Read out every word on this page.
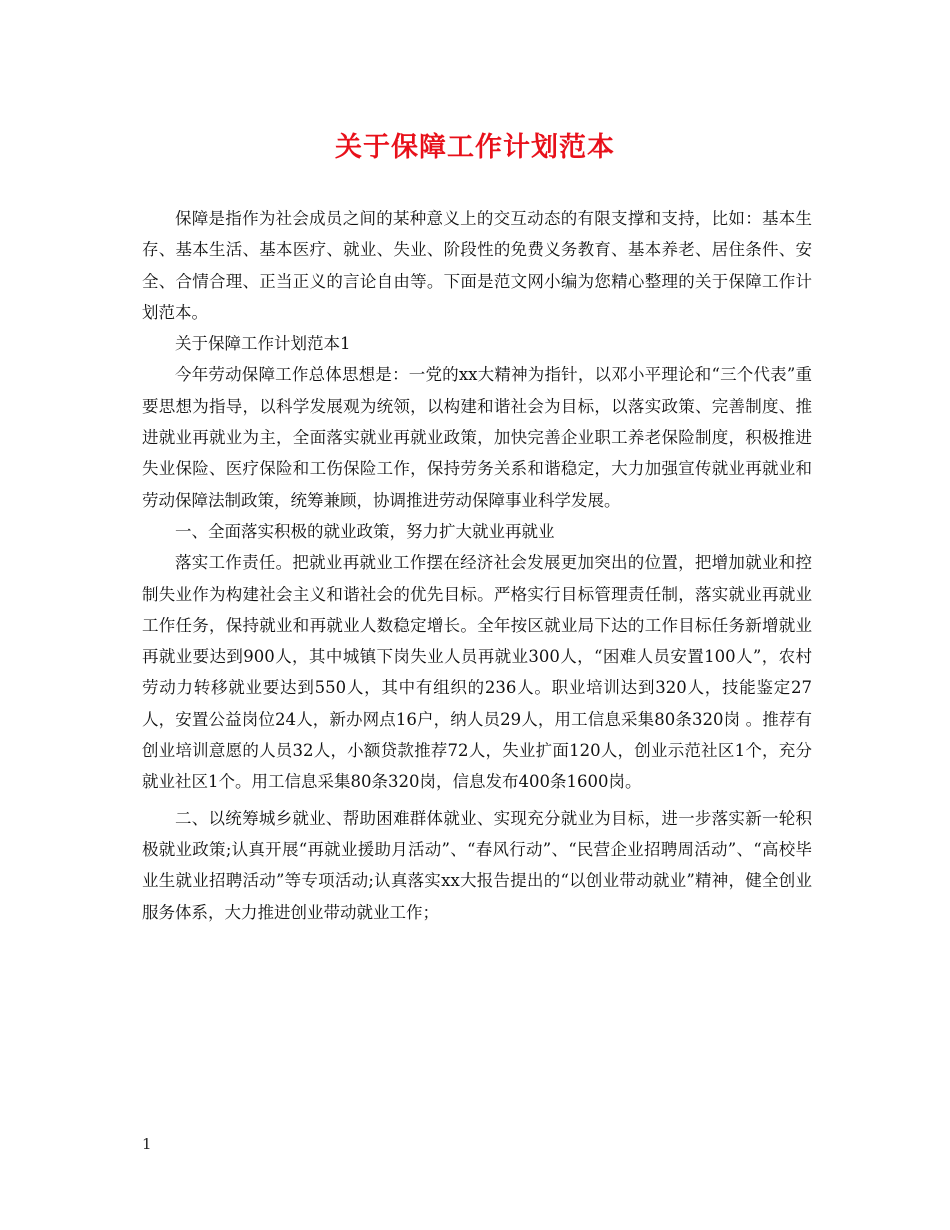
关于保障工作计划范本

保障是指作为社会成员之间的某种意义上的交互动态的有限支撑和支持，比如：基本生存、基本生活、基本医疗、就业、失业、阶段性的免费义务教育、基本养老、居住条件、安全、合情合理、正当正义的言论自由等。下面是范文网小编为您精心整理的关于保障工作计划范本。

关于保障工作计划范本1

今年劳动保障工作总体思想是：一党的xx大精神为指针，以邓小平理论和“三个代表”重要思想为指导，以科学发展观为统领，以构建和谐社会为目标，以落实政策、完善制度、推进就业再就业为主，全面落实就业再就业政策，加快完善企业职工养老保险制度，积极推进失业保险、医疗保险和工伤保险工作，保持劳务关系和谐稳定，大力加强宣传就业再就业和劳动保障法制政策，统筹兼顾，协调推进劳动保障事业科学发展。

一、全面落实积极的就业政策，努力扩大就业再就业

落实工作责任。把就业再就业工作摆在经济社会发展更加突出的位置，把增加就业和控制失业作为构建社会主义和谐社会的优先目标。严格实行目标管理责任制，落实就业再就业工作任务，保持就业和再就业人数稳定增长。全年按区就业局下达的工作目标任务新增就业再就业要达到900人，其中城镇下岗失业人员再就业300人，“困难人员安置100人”，农村劳动力转移就业要达到550人，其中有组织的236人。职业培训达到320人，技能鉴定27人，安置公益岗位24人，新办网点16户，纳人员29人，用工信息采集80条320岗 。推荐有创业培训意愿的人员32人，小额贷款推荐72人，失业扩面120人，创业示范社区1个，充分就业社区1个。用工信息采集80条320岗，信息发布400条1600岗。

二、以统筹城乡就业、帮助困难群体就业、实现充分就业为目标，进一步落实新一轮积极就业政策;认真开展“再就业援助月活动”、“春风行动”、“民营企业招聘周活动”、“高校毕业生就业招聘活动”等专项活动;认真落实xx大报告提出的“以创业带动就业”精神，健全创业服务体系，大力推进创业带动就业工作；

1
